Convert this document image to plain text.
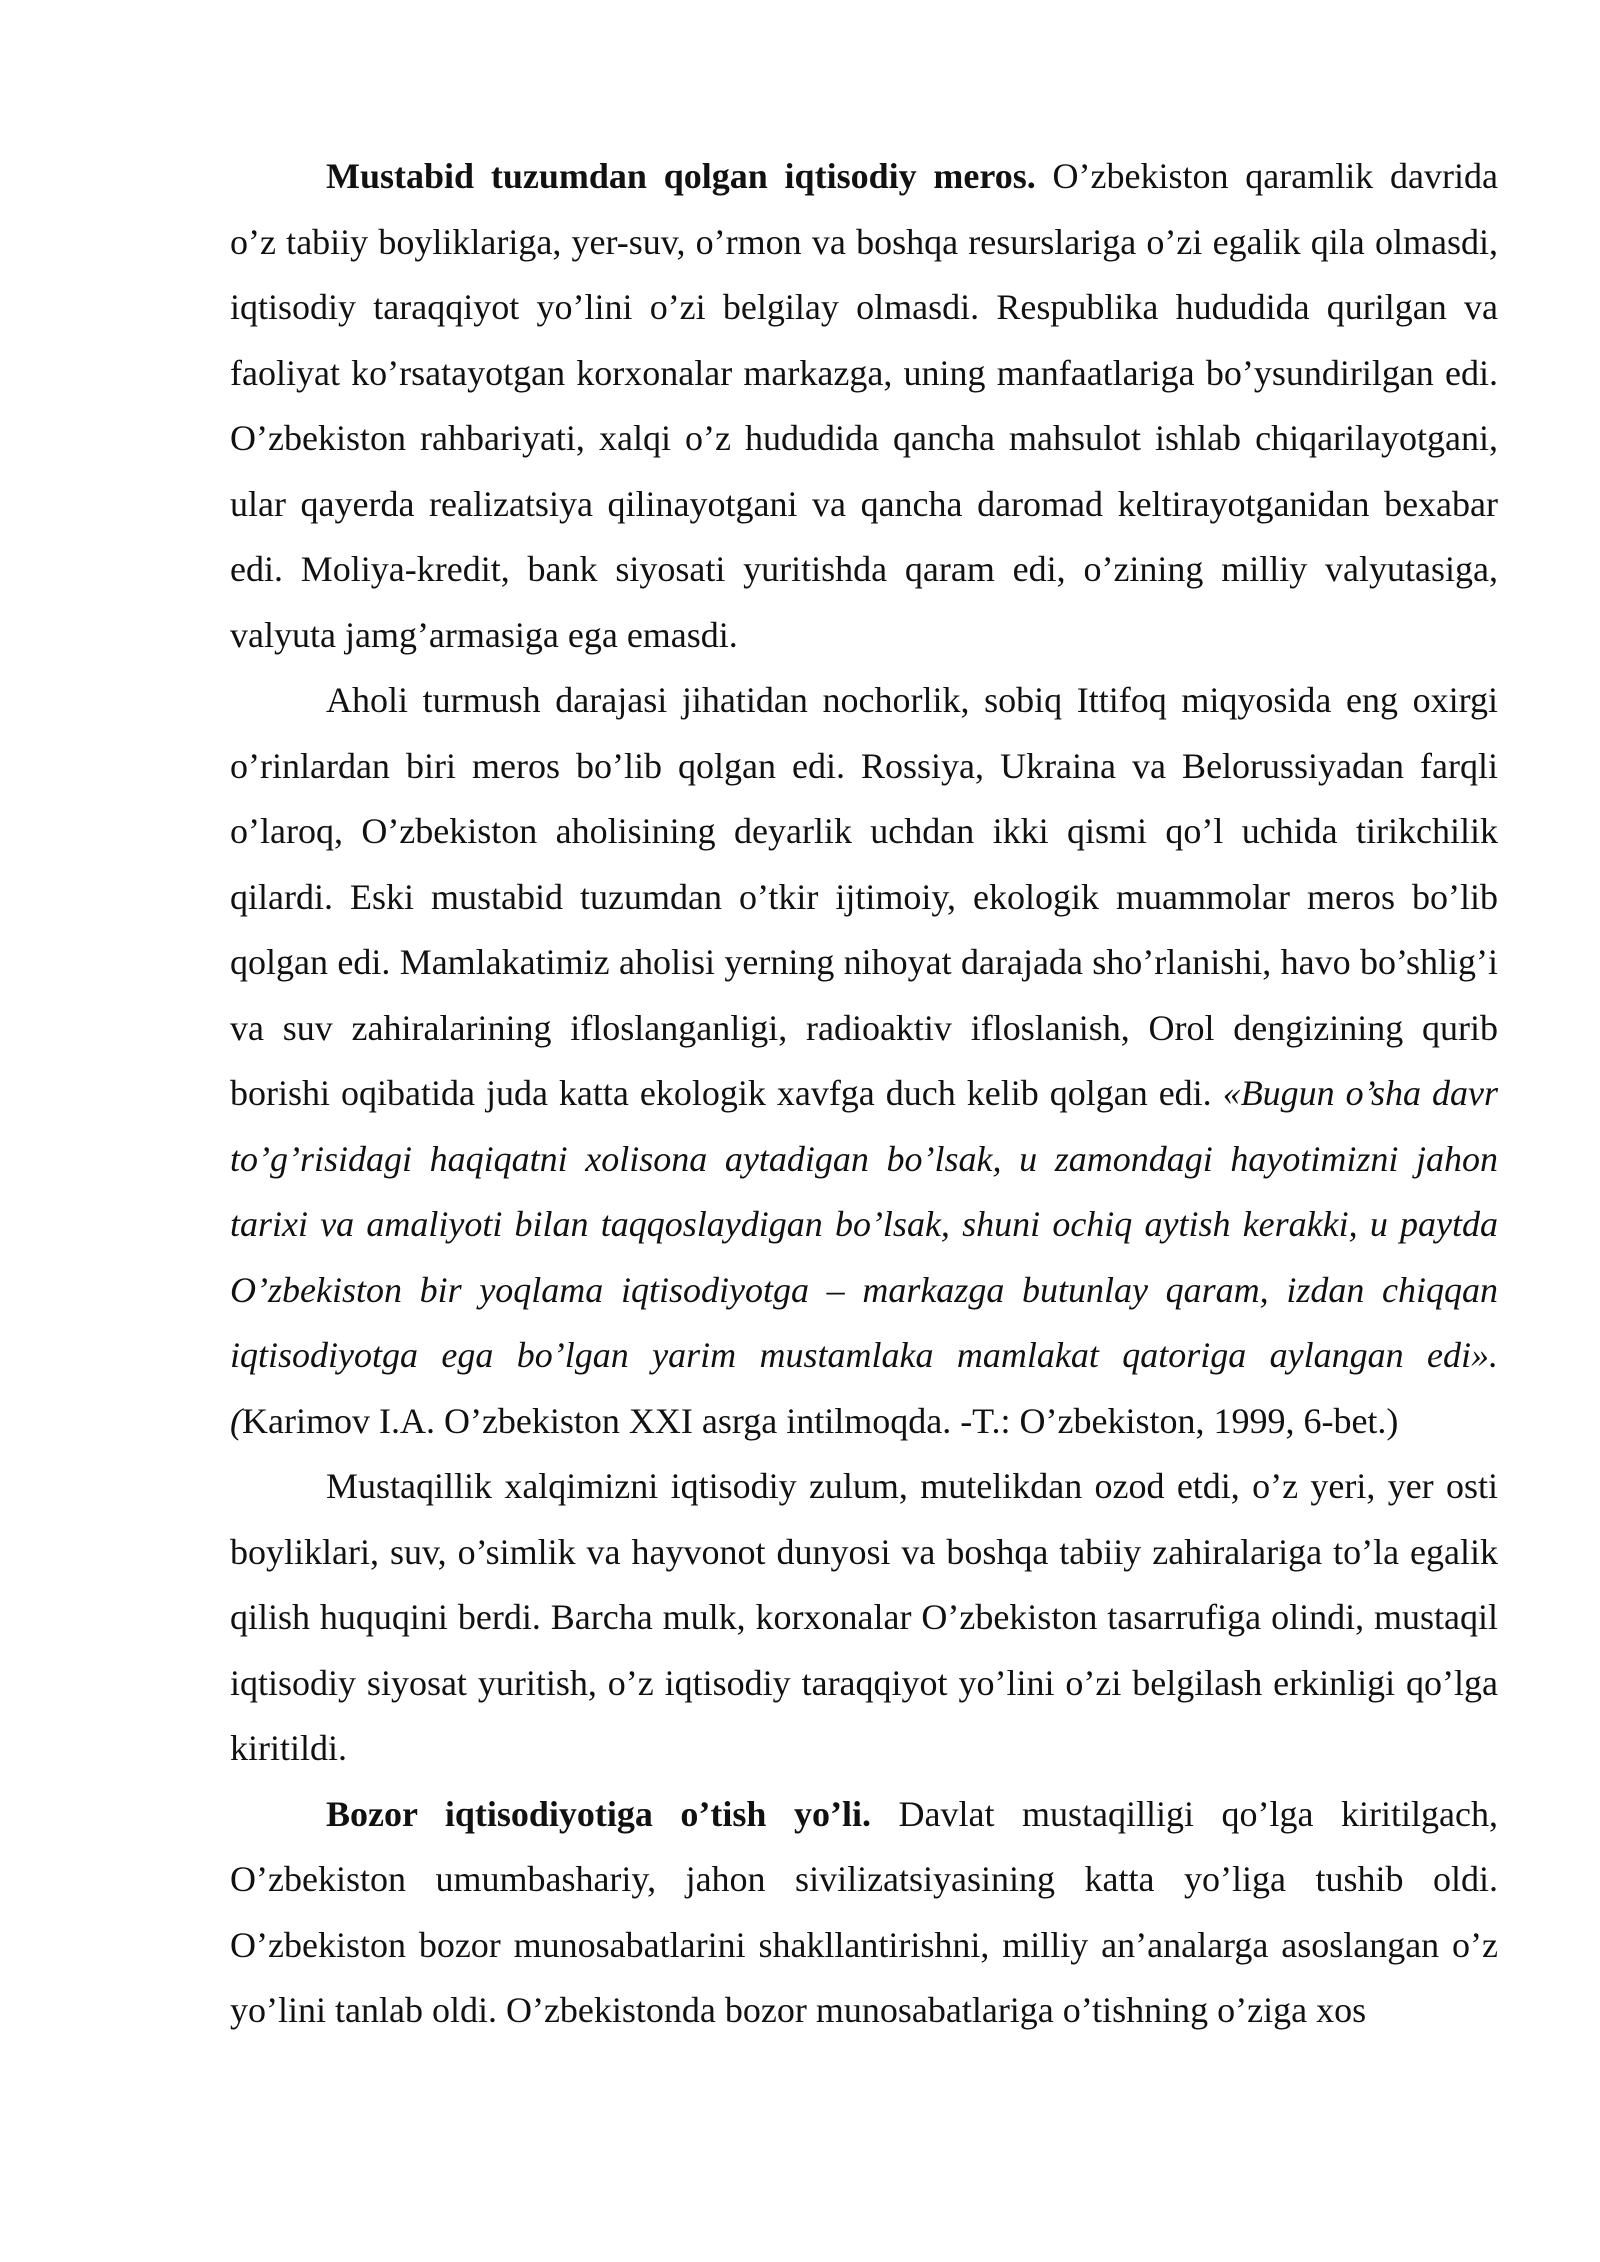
Mustabid tuzumdan qolgan iqtisodiy meros. O’zbekiston qaramlik davrida o’z tabiiy boyliklariga, yer-suv, o’rmon va boshqa resurslariga o’zi egalik qila olmasdi, iqtisodiy taraqqiyot yo’lini o’zi belgilay olmasdi. Respublika hududida qurilgan va faoliyat ko’rsatayotgan korxonalar markazga, uning manfaatlariga bo’ysundirilgan edi. O’zbekiston rahbariyati, xalqi o’z hududida qancha mahsulot ishlab chiqarilayotgani, ular qayerda realizatsiya qilinayotgani va qancha daromad keltirayotganidan bexabar edi. Moliya-kredit, bank siyosati yuritishda qaram edi, o’zining milliy valyutasiga, valyuta jamg’armasiga ega emasdi.

Aholi turmush darajasi jihatidan nochorlik, sobiq Ittifoq miqyosida eng oxirgi o’rinlardan biri meros bo’lib qolgan edi. Rossiya, Ukraina va Belorussiyadan farqli o’laroq, O’zbekiston aholisining deyarlik uchdan ikki qismi qo’l uchida tirikchilik qilardi. Eski mustabid tuzumdan o’tkir ijtimoiy, ekologik muammolar meros bo’lib qolgan edi. Mamlakatimiz aholisi yerning nihoyat darajada sho’rlanishi, havo bo’shlig’i va suv zahiralarining ifloslanganligi, radioaktiv ifloslanish, Orol dengizining qurib borishi oqibatida juda katta ekologik xavfga duch kelib qolgan edi. «Bugun o’sha davr to’g’risidagi haqiqatni xolisona aytadigan bo’lsak, u zamondagi hayotimizni jahon tarixi va amaliyoti bilan taqqoslaydigan bo’lsak, shuni ochiq aytish kerakki, u paytda O’zbekiston bir yoqlama iqtisodiyotga – markazga butunlay qaram, izdan chiqqan iqtisodiyotga ega bo’lgan yarim mustamlaka mamlakat qatoriga aylangan edi». (Karimov I.A. O’zbekiston XXI asrga intilmoqda. -T.: O’zbekiston, 1999, 6-bet.)

Mustaqillik xalqimizni iqtisodiy zulum, mutelikdan ozod etdi, o’z yeri, yer osti boyliklari, suv, o’simlik va hayvonot dunyosi va boshqa tabiiy zahiralariga to’la egalik qilish huquqini berdi. Barcha mulk, korxonalar O’zbekiston tasarrufiga olindi, mustaqil iqtisodiy siyosat yuritish, o’z iqtisodiy taraqqiyot yo’lini o’zi belgilash erkinligi qo’lga kiritildi.

Bozor iqtisodiyotiga o’tish yo’li. Davlat mustaqilligi qo’lga kiritilgach, O’zbekiston umumbashariy, jahon sivilizatsiyasining katta yo’liga tushib oldi. O’zbekiston bozor munosabatlarini shakllantirishni, milliy an’analarga asoslangan o’z yo’lini tanlab oldi. O’zbekistonda bozor munosabatlariga o’tishning o’ziga xos
